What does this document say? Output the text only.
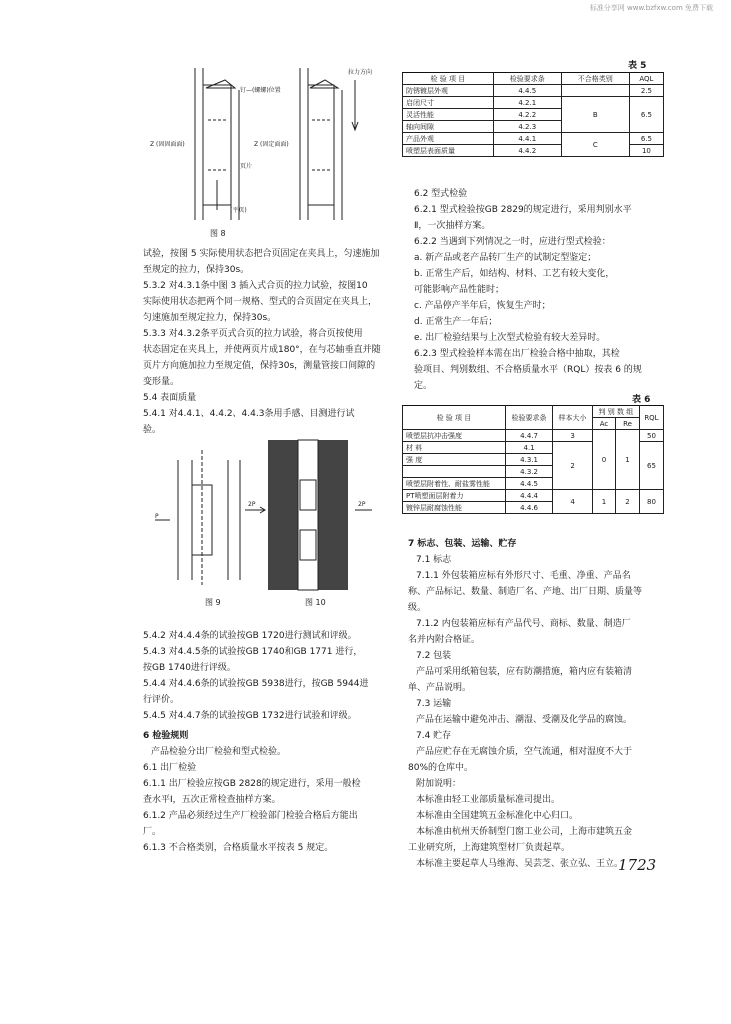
标准分享网 www.bzfxw.com 免费下载
钉—(螺螺)位置
Z (固固面面)	Z (固定面面)
(平页)
页片
拉力方向
图 8
试验，按图 5 实际使用状态把合页固定在夹具上，匀速施加
至规定的拉力，保持30s。
5.3.2 对4.3.1条中图 3 插入式合页的拉力试验，按图10
实际使用状态把两个同一规格、型式的合页固定在夹具上，
匀速施加至规定拉力，保持30s。
5.3.3 对4.3.2条平页式合页的拉力试验，将合页按使用
状态固定在夹具上，并使两页片成180°，在与芯轴垂直并随
页片方向施加拉力至规定值，保持30s，测量管接口间隙的
变形量。
5.4 表面质量
5.4.1 对4.4.1、4.4.2、4.4.3条用手感、目测进行试
验。
P
2P	2P
图 9	图 10
5.4.2 对4.4.4条的试验按GB 1720进行测试和评级。
5.4.3 对4.4.5条的试验按GB 1740和GB 1771 进行，
按GB 1740进行评级。
5.4.4 对4.4.6条的试验按GB 5938进行，按GB 5944进
行评价。
5.4.5 对4.4.7条的试验按GB 1732进行试验和评级。
6 检验规则
产品检验分出厂检验和型式检验。
6.1 出厂检验
6.1.1 出厂检验应按GB 2828的规定进行，采用一般检
查水平Ⅰ，五次正常检查抽样方案。
6.1.2 产品必须经过生产厂检验部门检验合格后方能出
厂。
6.1.3 不合格类别，合格质量水平按表 5 规定。
表 5
检 验 项 目	检验要求条	不合格类别	AQL
防锈镀层外观	4.4.5		2.5
启闭尺寸	4.2.1	B	6.5
灵活性能	4.2.2		
轴向间隙	4.2.3		
产品外观	4.4.1	C	6.5
喷塑层表面质量	4.4.2		10
6.2 型式检验
6.2.1 型式检验按GB 2829的规定进行，采用判别水平
Ⅱ，一次抽样方案。
6.2.2 当遇到下列情况之一时，应进行型式检验：
a. 新产品或老产品转厂生产的试制定型鉴定；
b. 正常生产后，如结构、材料、工艺有较大变化，
可能影响产品性能时；
c. 产品停产半年后，恢复生产时；
d. 正常生产一年后；
e. 出厂检验结果与上次型式检验有较大差异时。
6.2.3 型式检验样本需在出厂检验合格中抽取，其检
验项目、判别数组、不合格质量水平（RQL）按表 6 的规
定。
表 6
检 验 项 目	检验要求条	样本大小	判 别 数 组		RQL
			Ac	Re	
喷塑层抗冲击强度	4.4.7	3	0	1	50
材 料	4.1	2			65
强 度	4.3.1				
	4.3.2				
喷塑层附着性、耐盐雾性能	4.4.5				
PT喷塑面层附着力	4.4.4	4	1	2	80
镀锌层耐腐蚀性能	4.4.6				
7 标志、包装、运输、贮存
7.1 标志
7.1.1 外包装箱应标有外形尺寸、毛重、净重、产品名
称、产品标记、数量、制造厂名、产地、出厂日期、质量等
级。
7.1.2 内包装箱应标有产品代号、商标、数量、制造厂
名并内附合格证。
7.2 包装
产品可采用纸箱包装，应有防潮措施，箱内应有装箱清
单、产品说明。
7.3 运输
产品在运输中避免冲击、潮湿、受潮及化学品的腐蚀。
7.4 贮存
产品应贮存在无腐蚀介质，空气流通，相对湿度不大于
80%的仓库中。
附加说明：
本标准由轻工业部质量标准司提出。
本标准由全国建筑五金标准化中心归口。
本标准由杭州天侨制型门窗工业公司，上海市建筑五金
工业研究所，上海建筑型材厂负责起草。
本标准主要起草人马维海、吴芸芝、张立弘、王立。
1723
